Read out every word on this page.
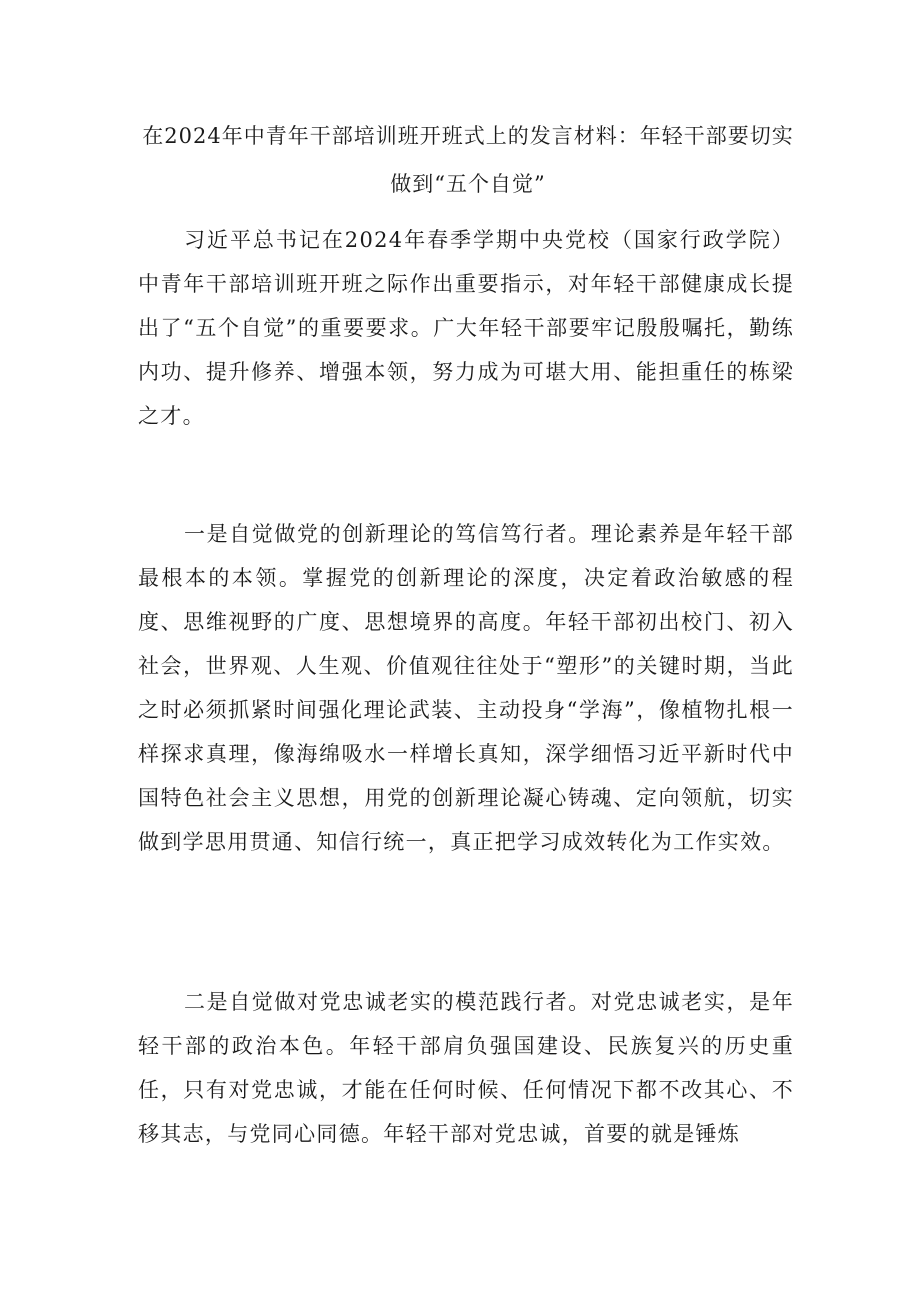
在2024年中青年干部培训班开班式上的发言材料：年轻干部要切实做到“五个自觉”

习近平总书记在2024年春季学期中央党校（国家行政学院）中青年干部培训班开班之际作出重要指示，对年轻干部健康成长提出了“五个自觉”的重要要求。广大年轻干部要牢记殷殷嘱托，勤练内功、提升修养、增强本领，努力成为可堪大用、能担重任的栋梁之才。

一是自觉做党的创新理论的笃信笃行者。理论素养是年轻干部最根本的本领。掌握党的创新理论的深度，决定着政治敏感的程度、思维视野的广度、思想境界的高度。年轻干部初出校门、初入社会，世界观、人生观、价值观往往处于“塑形”的关键时期，当此之时必须抓紧时间强化理论武装、主动投身“学海”，像植物扎根一样探求真理，像海绵吸水一样增长真知，深学细悟习近平新时代中国特色社会主义思想，用党的创新理论凝心铸魂、定向领航，切实做到学思用贯通、知信行统一，真正把学习成效转化为工作实效。

二是自觉做对党忠诚老实的模范践行者。对党忠诚老实，是年轻干部的政治本色。年轻干部肩负强国建设、民族复兴的历史重任，只有对党忠诚，才能在任何时候、任何情况下都不改其心、不移其志，与党同心同德。年轻干部对党忠诚，首要的就是锤炼
